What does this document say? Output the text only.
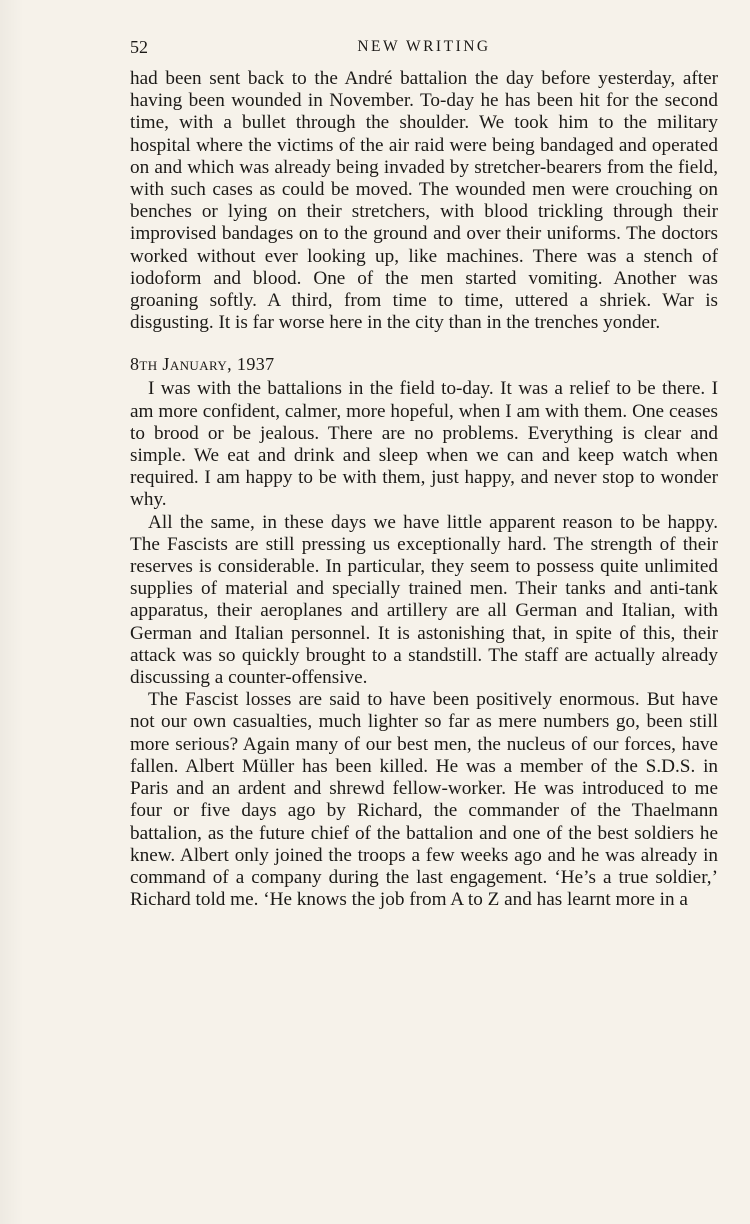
52	NEW WRITING

had been sent back to the André battalion the day before yesterday, after having been wounded in November. To-day he has been hit for the second time, with a bullet through the shoulder. We took him to the military hospital where the victims of the air raid were being bandaged and operated on and which was already being invaded by stretcher-bearers from the field, with such cases as could be moved. The wounded men were crouching on benches or lying on their stretchers, with blood trickling through their improvised bandages on to the ground and over their uniforms. The doctors worked without ever looking up, like machines. There was a stench of iodoform and blood. One of the men started vomiting. Another was groaning softly. A third, from time to time, uttered a shriek. War is disgusting. It is far worse here in the city than in the trenches yonder.

8th January, 1937

I was with the battalions in the field to-day. It was a relief to be there. I am more confident, calmer, more hopeful, when I am with them. One ceases to brood or be jealous. There are no problems. Everything is clear and simple. We eat and drink and sleep when we can and keep watch when required. I am happy to be with them, just happy, and never stop to wonder why.

All the same, in these days we have little apparent reason to be happy. The Fascists are still pressing us exceptionally hard. The strength of their reserves is considerable. In particular, they seem to possess quite unlimited supplies of material and specially trained men. Their tanks and anti-tank apparatus, their aeroplanes and artillery are all German and Italian, with German and Italian personnel. It is astonishing that, in spite of this, their attack was so quickly brought to a standstill. The staff are actually already discussing a counter-offensive.

The Fascist losses are said to have been positively enormous. But have not our own casualties, much lighter so far as mere numbers go, been still more serious? Again many of our best men, the nucleus of our forces, have fallen. Albert Müller has been killed. He was a member of the S.D.S. in Paris and an ardent and shrewd fellow-worker. He was introduced to me four or five days ago by Richard, the commander of the Thaelmann battalion, as the future chief of the battalion and one of the best soldiers he knew. Albert only joined the troops a few weeks ago and he was already in command of a company during the last engagement. ‘He’s a true soldier,’ Richard told me. ‘He knows the job from A to Z and has learnt more in a
